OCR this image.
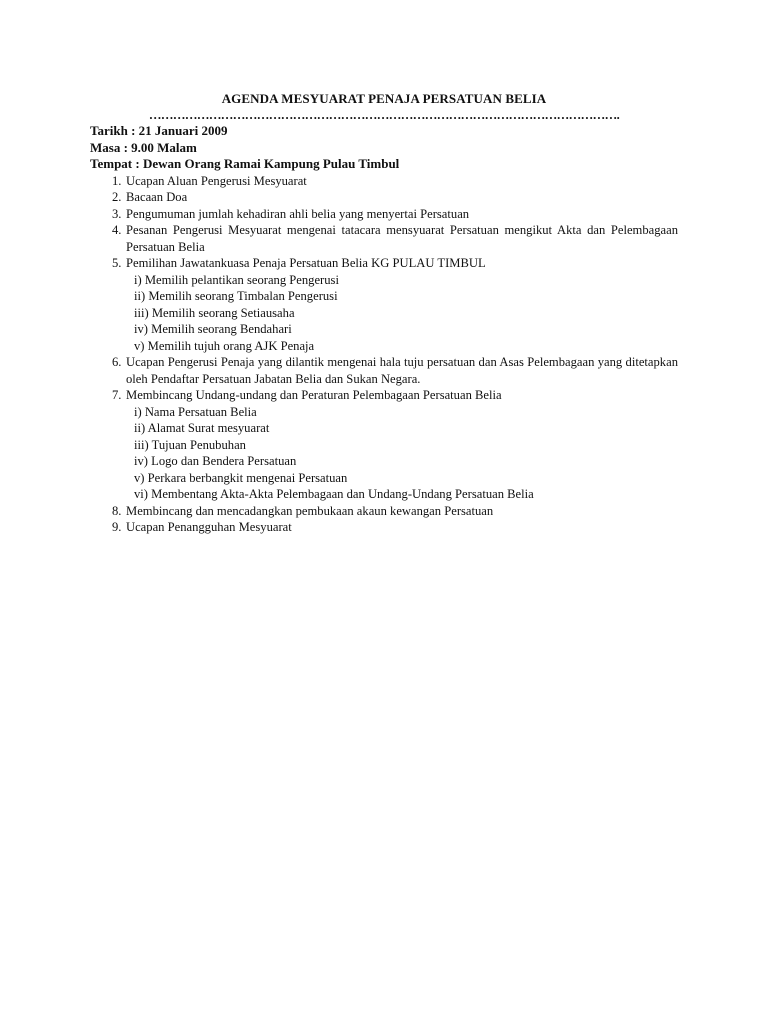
AGENDA MESYUARAT PENAJA PERSATUAN BELIA
……………………………………………………………………………………………………….
Tarikh : 21 Januari 2009
Masa : 9.00 Malam
Tempat : Dewan Orang Ramai Kampung Pulau Timbul
1. Ucapan Aluan Pengerusi Mesyuarat
2. Bacaan Doa
3. Pengumuman jumlah kehadiran ahli belia yang menyertai Persatuan
4. Pesanan Pengerusi Mesyuarat mengenai tatacara mensyuarat Persatuan mengikut Akta dan Pelembagaan Persatuan Belia
5. Pemilihan Jawatankuasa Penaja Persatuan Belia KG PULAU TIMBUL
i) Memilih pelantikan seorang Pengerusi
ii) Memilih seorang Timbalan Pengerusi
iii) Memilih seorang Setiausaha
iv) Memilih seorang Bendahari
v) Memilih tujuh orang AJK Penaja
6. Ucapan Pengerusi Penaja yang dilantik mengenai hala tuju persatuan dan Asas Pelembagaan yang ditetapkan oleh Pendaftar Persatuan Jabatan Belia dan Sukan Negara.
7. Membincang Undang-undang dan Peraturan Pelembagaan Persatuan Belia
i) Nama Persatuan Belia
ii) Alamat Surat mesyuarat
iii) Tujuan Penubuhan
iv) Logo dan Bendera Persatuan
v) Perkara berbangkit mengenai Persatuan
vi) Membentang Akta-Akta Pelembagaan dan Undang-Undang Persatuan Belia
8. Membincang dan mencadangkan pembukaan akaun kewangan Persatuan
9. Ucapan Penangguhan Mesyuarat
